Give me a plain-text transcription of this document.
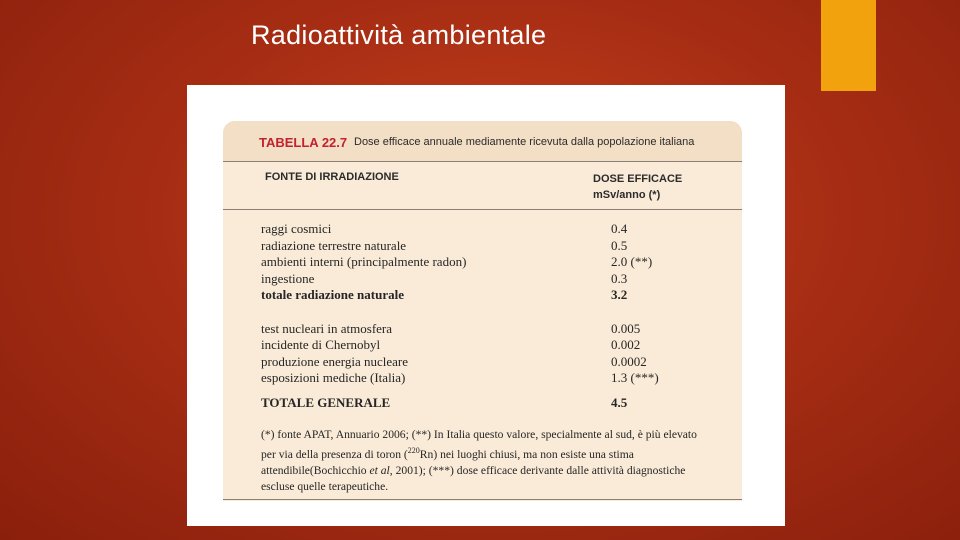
Radioattività ambientale
TABELLA 22.7 Dose efficace annuale mediamente ricevuta dalla popolazione italiana
FONTE DI IRRADIAZIONE	DOSE EFFICACE
mSv/anno (*)
raggi cosmici	0.4
radiazione terrestre naturale	0.5
ambienti interni (principalmente radon)	2.0 (**)
ingestione	0.3
totale radiazione naturale	3.2
test nucleari in atmosfera	0.005
incidente di Chernobyl	0.002
produzione energia nucleare	0.0002
esposizioni mediche (Italia)	1.3 (***)
TOTALE GENERALE	4.5
(*) fonte APAT, Annuario 2006; (**) In Italia questo valore, specialmente al sud, è più elevato per via della presenza di toron ($^{220}$Rn) nei luoghi chiusi, ma non esiste una stima attendibile(Bochicchio et al, 2001); (***) dose efficace derivante dalle attività diagnostiche escluse quelle terapeutiche.
